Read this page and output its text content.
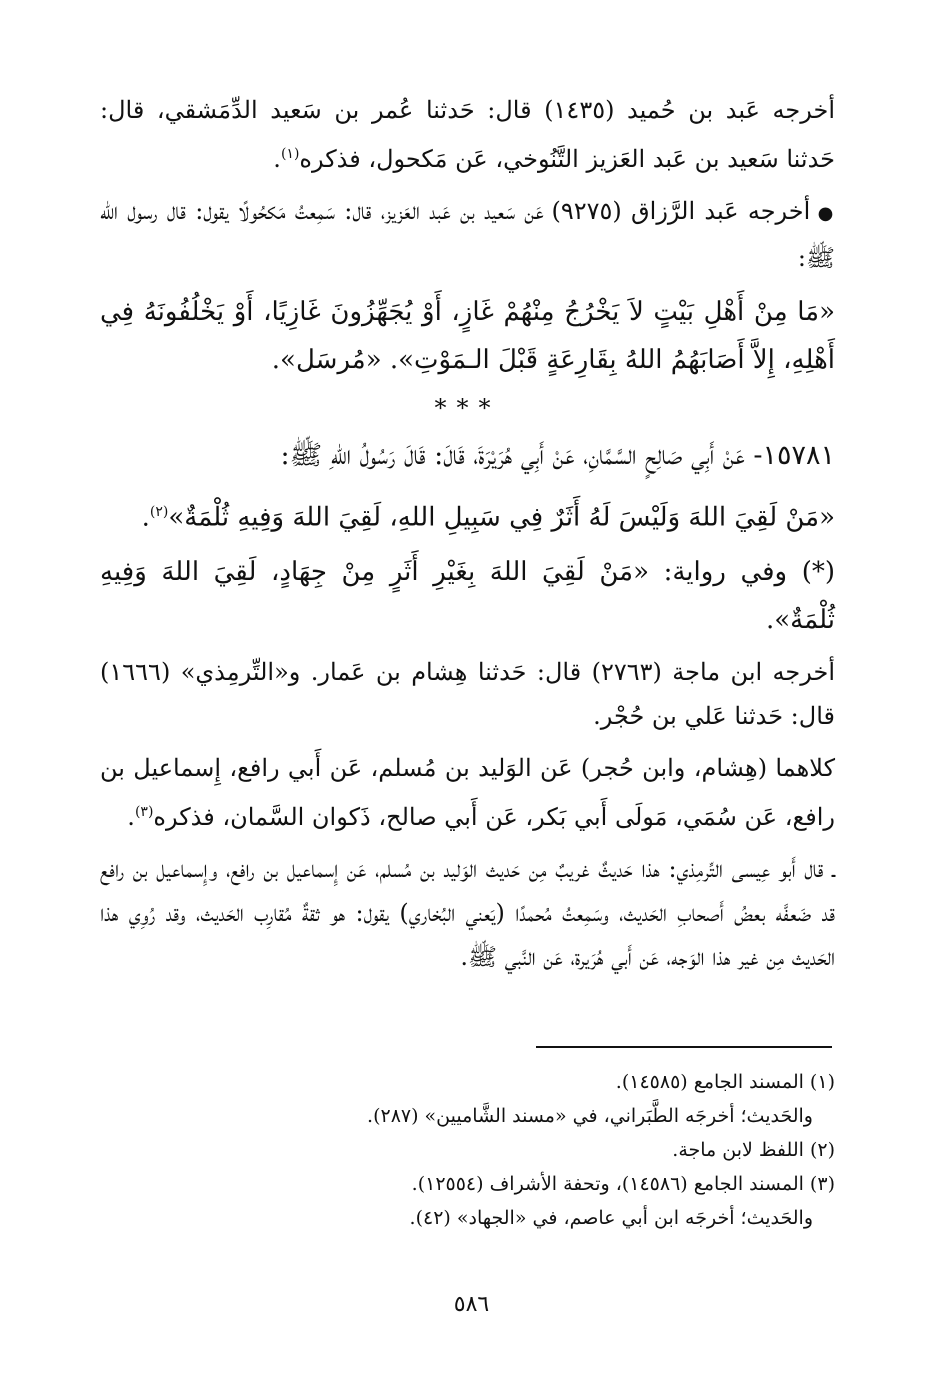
أخرجه عَبد بن حُميد (١٤٣٥) قال: حَدثنا عُمر بن سَعيد الدِّمَشقي، قال: حَدثنا سَعيد بن عَبد العَزيز التَّنُوخي، عَن مَكحول، فذكره$^{(١)}$.

● أخرجه عَبد الرَّزاق (٩٢٧٥) عَن سَعيد بن عَبد العَزيز، قال: سَمِعتُ مَكحُولًا يقول: قال رسول الله ﷺ:

«مَا مِنْ أَهْلِ بَيْتٍ لاَ يَخْرُجُ مِنْهُمْ غَازٍ، أَوْ يُجَهِّزُونَ غَازِيًا، أَوْ يَخْلُفُونَهُ فِي أَهْلِهِ، إِلاَّ أَصَابَهُمُ اللهُ بِقَارِعَةٍ قَبْلَ الـمَوْتِ». «مُرسَل».

***

١٥٧٨١- عَنْ أَبِي صَالِحٍ السَّمَّانِ، عَنْ أَبِي هُرَيْرَةَ، قَالَ: قَالَ رَسُولُ اللهِ ﷺ:

«مَنْ لَقِيَ اللهَ وَلَيْسَ لَهُ أَثَرٌ فِي سَبِيلِ اللهِ، لَقِيَ اللهَ وَفِيهِ ثُلْمَةٌ»$^{(٢)}$.

(*) وفي رواية: «مَنْ لَقِيَ اللهَ بِغَيْرِ أَثَرٍ مِنْ جِهَادٍ، لَقِيَ اللهَ وَفِيهِ ثُلْمَةٌ».

أخرجه ابن ماجة (٢٧٦٣) قال: حَدثنا هِشام بن عَمار. و«التِّرمِذي» (١٦٦٦) قال: حَدثنا عَلي بن حُجْر.

كلاهما (هِشام، وابن حُجر) عَن الوَليد بن مُسلم، عَن أَبي رافع، إِسماعيل بن رافع، عَن سُمَي، مَولَى أَبي بَكر، عَن أَبي صالح، ذَكوان السَّمان، فذكره$^{(٣)}$.

ـ قال أَبو عِيسى التِّرمِذي: هذا حَديثٌ غريبٌ مِن حَديث الوَليد بن مُسلم، عَن إِسماعيل بن رافع، وإِسماعيل بن رافع قد ضَعفَّه بعضُ أَصحابِ الحَديث، وسَمِعتُ مُحمدًا (يَعني البُخاري) يقول: هو ثقةٌ مُقارِب الحَديث، وقد رُوِي هذا الحَديث مِن غير هذا الوَجه، عَن أَبي هُرَيرة، عَن النَّبي ﷺ.

(١) المسند الجامع (١٤٥٨٥).

والحَديث؛ أخرجَه الطَّبَراني، في «مسند الشَّاميين» (٢٨٧).

(٢) اللفظ لابن ماجة.

(٣) المسند الجامع (١٤٥٨٦)، وتحفة الأشراف (١٢٥٥٤).

والحَديث؛ أخرجَه ابن أبي عاصم، في «الجهاد» (٤٢).

٥٨٦
